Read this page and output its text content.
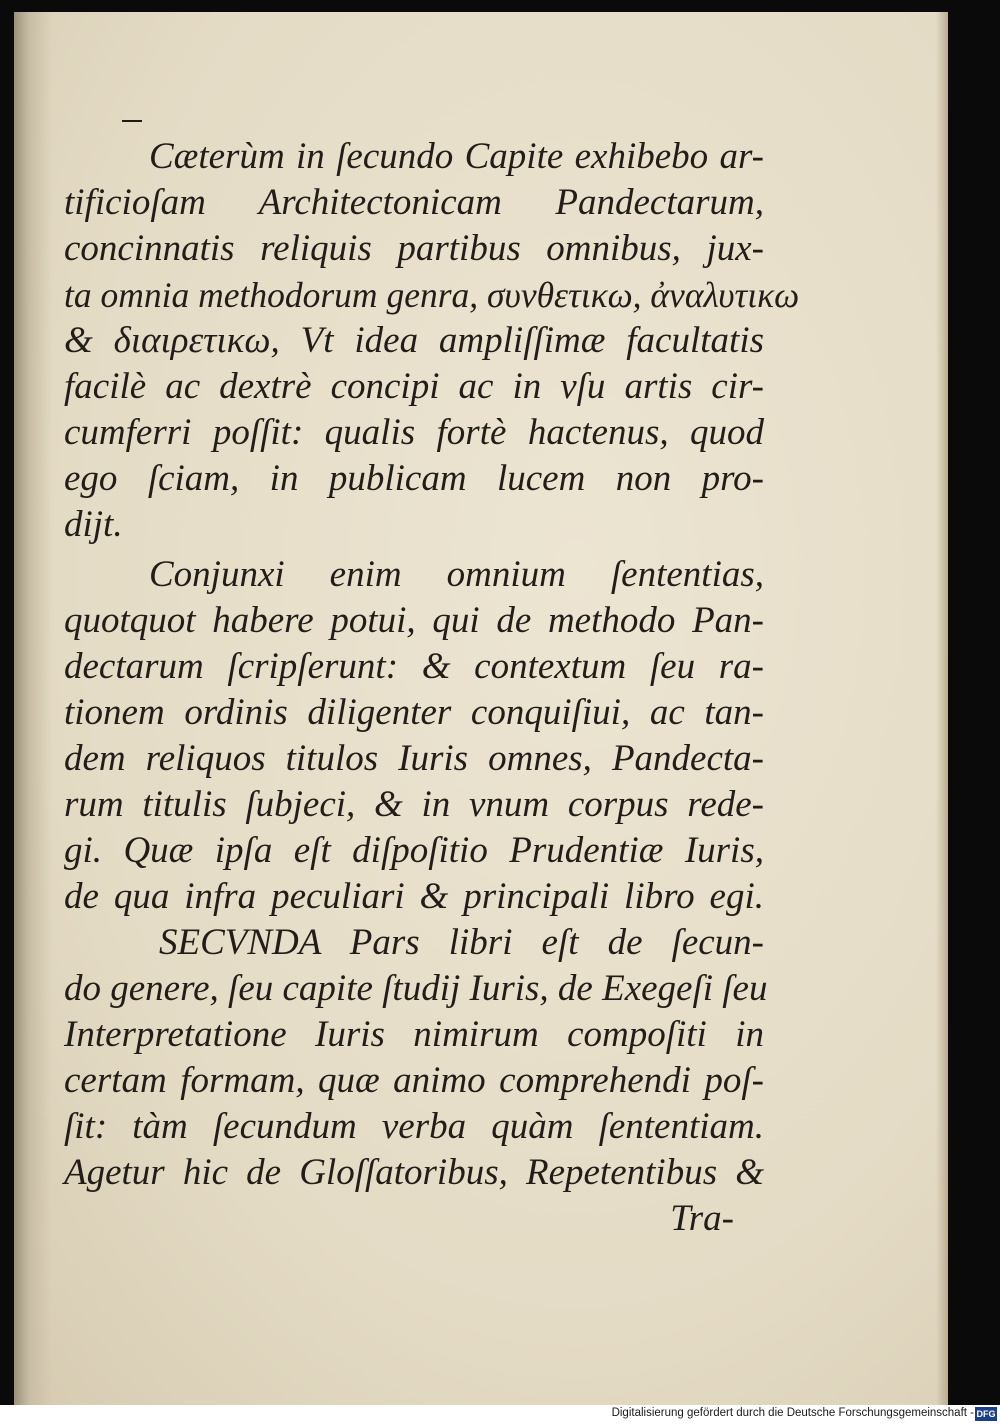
Cæterùm in ſecundo Capite exhibebo ar-
tificioſam Architectonicam Pandectarum,
concinnatis reliquis partibus omnibus, jux-
ta omnia methodorum genra, συνθετικω, ἀναλυτικω
& διαιρετικω, Vt idea ampliſſimæ facultatis
facilè ac dextrè concipi ac in vſu artis cir-
cumferri poſſit: qualis fortè hactenus, quod
ego ſciam, in publicam lucem non pro-
dijt.
Conjunxi enim omnium ſententias,
quotquot habere potui, qui de methodo Pan-
dectarum ſcripſerunt: & contextum ſeu ra-
tionem ordinis diligenter conquiſiui, ac tan-
dem reliquos titulos Iuris omnes, Pandecta-
rum titulis ſubjeci, & in vnum corpus rede-
gi. Quæ ipſa eſt diſpoſitio Prudentiæ Iuris,
de qua infra peculiari & principali libro egi.
SECVNDA Pars libri eſt de ſecun-
do genere, ſeu capite ſtudij Iuris, de Exegeſi ſeu
Interpretatione Iuris nimirum compoſiti in
certam formam, quæ animo comprehendi poſ-
ſit: tàm ſecundum verba quàm ſententiam.
Agetur hic de Gloſſatoribus, Repetentibus &
Tra-
Digitalisierung gefördert durch die Deutsche Forschungsgemeinschaft - DFG
